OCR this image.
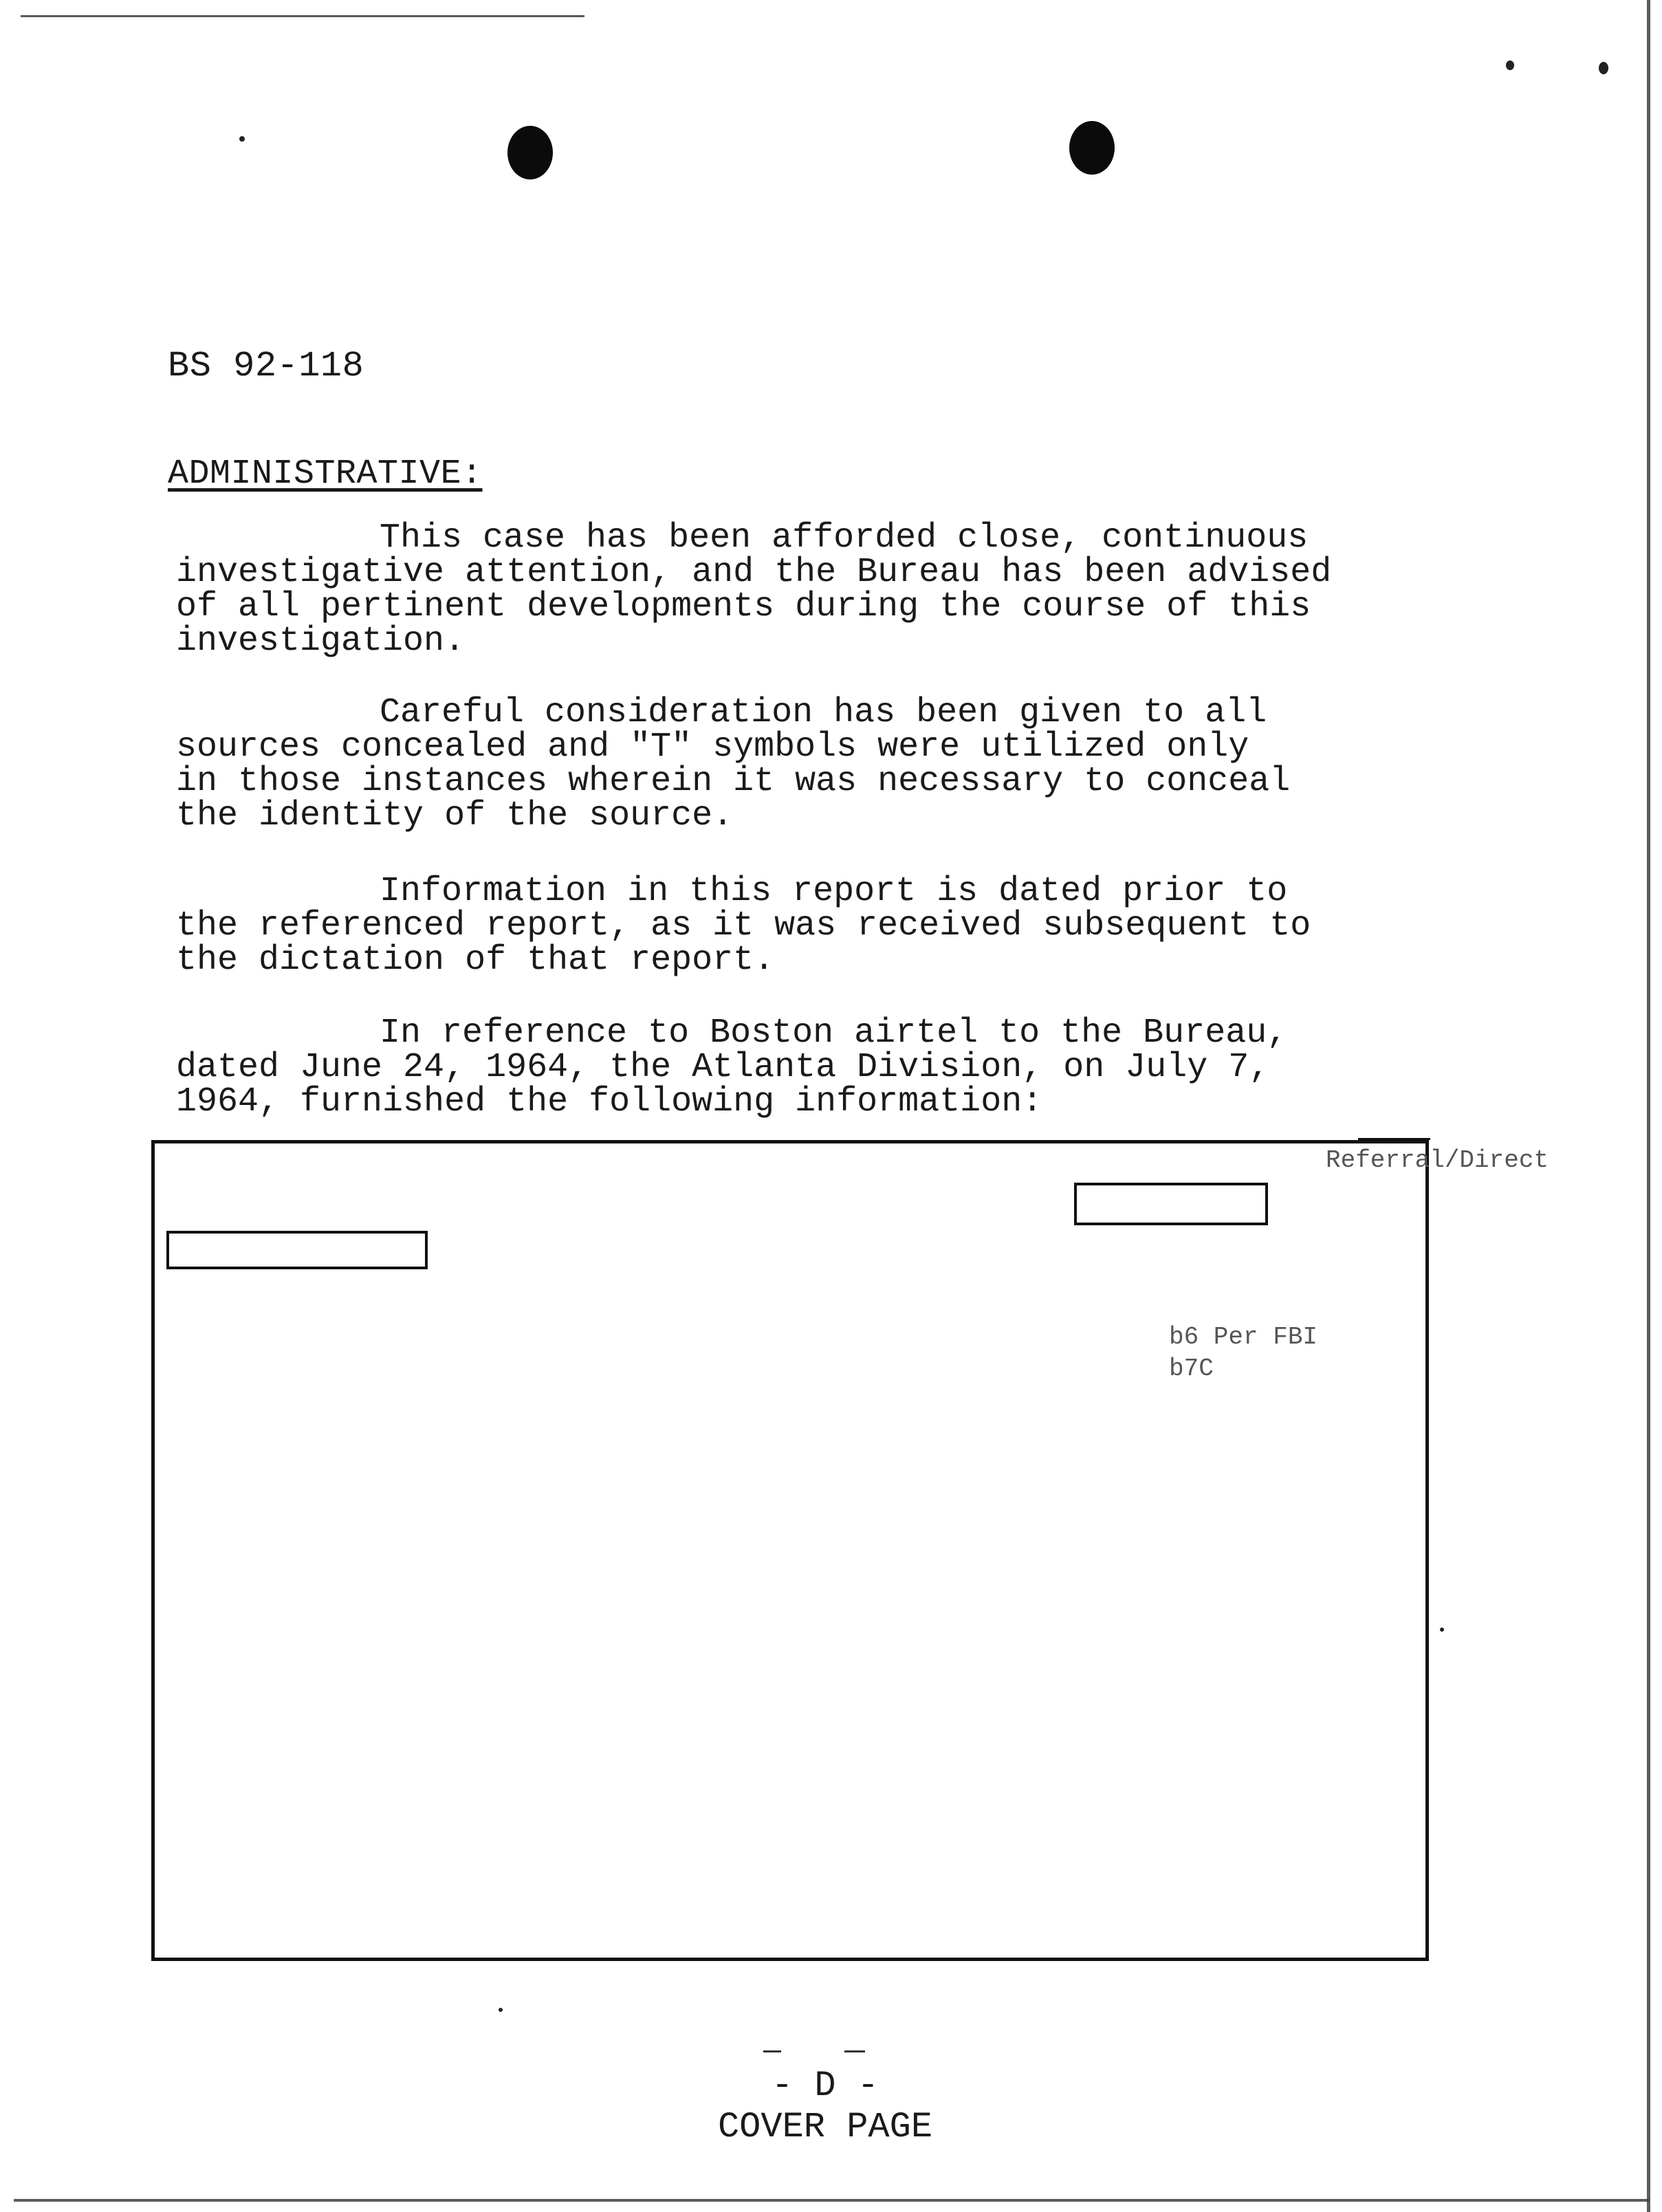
BS 92-118
ADMINISTRATIVE:
This case has been afforded close, continuous
investigative attention, and the Bureau has been advised
of all pertinent developments during the course of this
investigation.
Careful consideration has been given to all
sources concealed and "T" symbols were utilized only
in those instances wherein it was necessary to conceal
the identity of the source.
Information in this report is dated prior to
the referenced report, as it was received subsequent to
the dictation of that report.
In reference to Boston airtel to the Bureau,
dated June 24, 1964, the Atlanta Division, on July 7,
1964, furnished the following information:
Referral/Direct
b6 Per FBI
b7C
- D -
COVER PAGE
